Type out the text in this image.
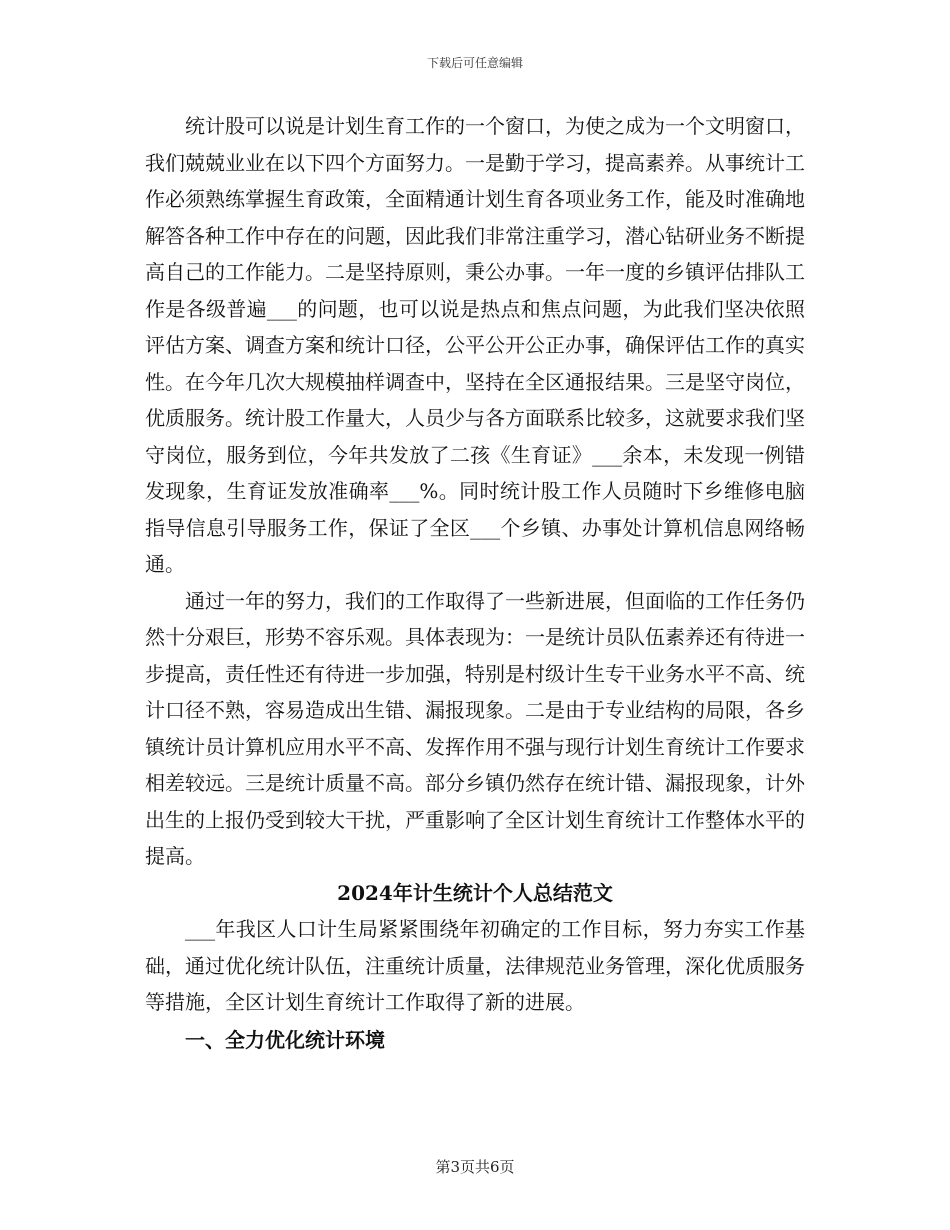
下载后可任意编辑

统计股可以说是计划生育工作的一个窗口，为使之成为一个文明窗口，我们兢兢业业在以下四个方面努力。一是勤于学习，提高素养。从事统计工作必须熟练掌握生育政策，全面精通计划生育各项业务工作，能及时准确地解答各种工作中存在的问题，因此我们非常注重学习，潜心钻研业务不断提高自己的工作能力。二是坚持原则，秉公办事。一年一度的乡镇评估排队工作是各级普遍___的问题，也可以说是热点和焦点问题，为此我们坚决依照评估方案、调查方案和统计口径，公平公开公正办事，确保评估工作的真实性。在今年几次大规模抽样调查中，坚持在全区通报结果。三是坚守岗位，优质服务。统计股工作量大，人员少与各方面联系比较多，这就要求我们坚守岗位，服务到位，今年共发放了二孩《生育证》___余本，未发现一例错发现象，生育证发放准确率___%。同时统计股工作人员随时下乡维修电脑指导信息引导服务工作，保证了全区___个乡镇、办事处计算机信息网络畅通。

通过一年的努力，我们的工作取得了一些新进展，但面临的工作任务仍然十分艰巨，形势不容乐观。具体表现为：一是统计员队伍素养还有待进一步提高，责任性还有待进一步加强，特别是村级计生专干业务水平不高、统计口径不熟，容易造成出生错、漏报现象。二是由于专业结构的局限，各乡镇统计员计算机应用水平不高、发挥作用不强与现行计划生育统计工作要求相差较远。三是统计质量不高。部分乡镇仍然存在统计错、漏报现象，计外出生的上报仍受到较大干扰，严重影响了全区计划生育统计工作整体水平的提高。

2024年计生统计个人总结范文

___年我区人口计生局紧紧围绕年初确定的工作目标，努力夯实工作基础，通过优化统计队伍，注重统计质量，法律规范业务管理，深化优质服务等措施，全区计划生育统计工作取得了新的进展。

一、全力优化统计环境
第3页共6页
